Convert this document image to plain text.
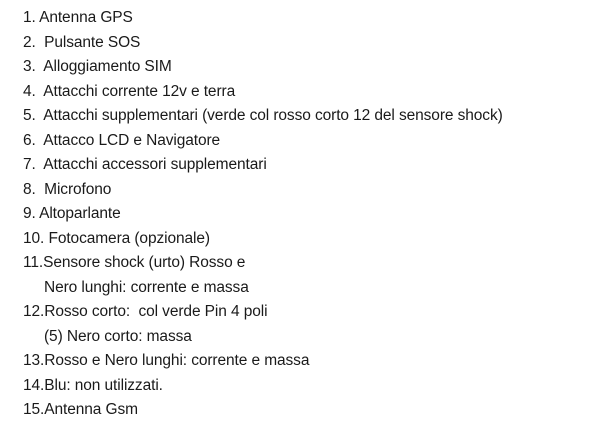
1. Antenna GPS
2.  Pulsante SOS
3.  Alloggiamento SIM
4.  Attacchi corrente 12v e terra
5.  Attacchi supplementari (verde col rosso corto 12 del sensore shock)
6.  Attacco LCD e Navigatore
7.  Attacchi accessori supplementari
8.  Microfono
9. Altoparlante
10. Fotocamera (opzionale)
11.Sensore shock (urto) Rosso e
Nero lunghi: corrente e massa
12.Rosso corto:  col verde Pin 4 poli
(5) Nero corto: massa
13.Rosso e Nero lunghi: corrente e massa
14.Blu: non utilizzati.
15.Antenna Gsm
